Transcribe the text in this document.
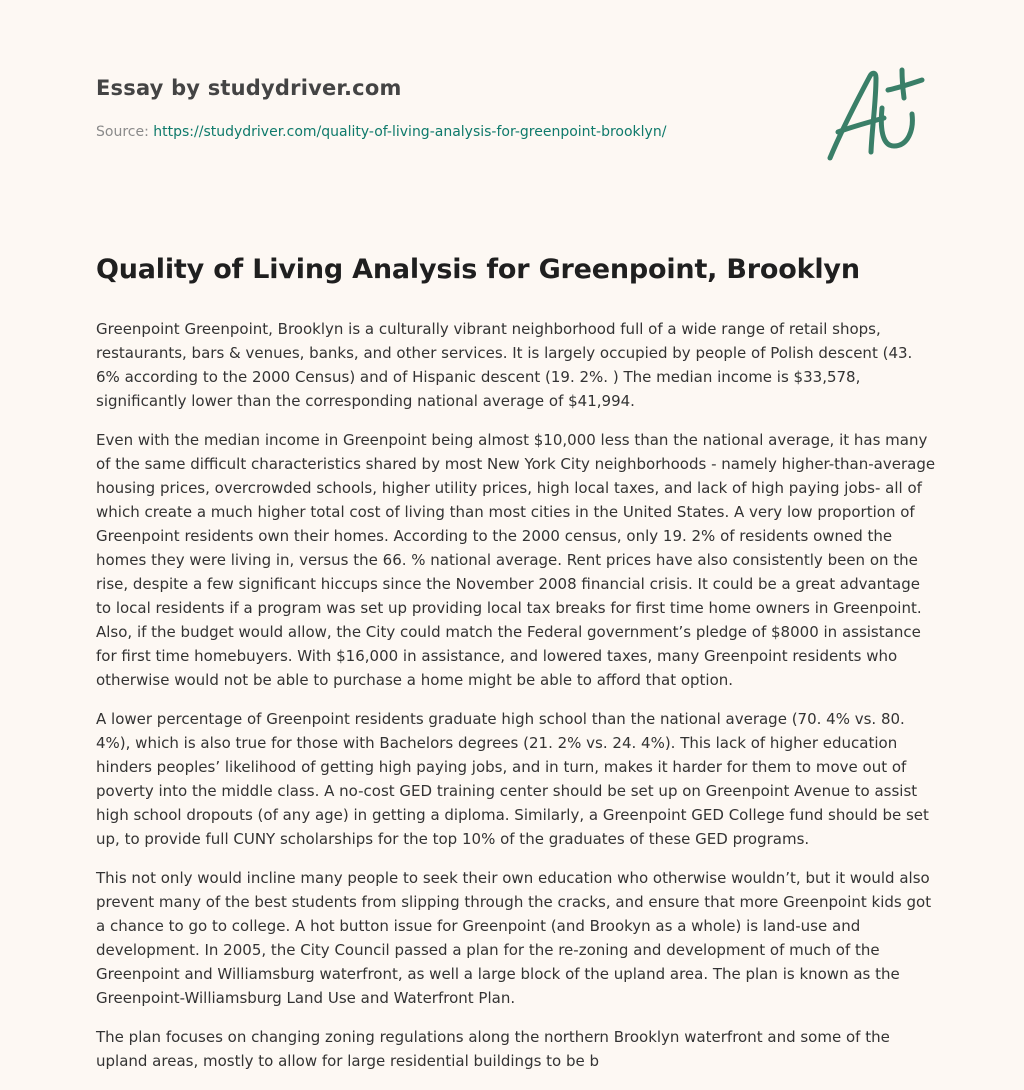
Essay by studydriver.com
Source: https://studydriver.com/quality-of-living-analysis-for-greenpoint-brooklyn/
Quality of Living Analysis for Greenpoint, Brooklyn

Greenpoint Greenpoint, Brooklyn is a culturally vibrant neighborhood full of a wide range of retail shops, restaurants, bars & venues, banks, and other services. It is largely occupied by people of Polish descent (43. 6% according to the 2000 Census) and of Hispanic descent (19. 2%. ) The median income is $33,578, significantly lower than the corresponding national average of $41,994.

Even with the median income in Greenpoint being almost $10,000 less than the national average, it has many of the same difficult characteristics shared by most New York City neighborhoods - namely higher-than-average housing prices, overcrowded schools, higher utility prices, high local taxes, and lack of high paying jobs- all of which create a much higher total cost of living than most cities in the United States. A very low proportion of Greenpoint residents own their homes. According to the 2000 census, only 19. 2% of residents owned the homes they were living in, versus the 66. % national average. Rent prices have also consistently been on the rise, despite a few significant hiccups since the November 2008 financial crisis. It could be a great advantage to local residents if a program was set up providing local tax breaks for first time home owners in Greenpoint. Also, if the budget would allow, the City could match the Federal government’s pledge of $8000 in assistance for first time homebuyers. With $16,000 in assistance, and lowered taxes, many Greenpoint residents who otherwise would not be able to purchase a home might be able to afford that option.

A lower percentage of Greenpoint residents graduate high school than the national average (70. 4% vs. 80. 4%), which is also true for those with Bachelors degrees (21. 2% vs. 24. 4%). This lack of higher education hinders peoples’ likelihood of getting high paying jobs, and in turn, makes it harder for them to move out of poverty into the middle class. A no-cost GED training center should be set up on Greenpoint Avenue to assist high school dropouts (of any age) in getting a diploma. Similarly, a Greenpoint GED College fund should be set up, to provide full CUNY scholarships for the top 10% of the graduates of these GED programs.

This not only would incline many people to seek their own education who otherwise wouldn’t, but it would also prevent many of the best students from slipping through the cracks, and ensure that more Greenpoint kids got a chance to go to college. A hot button issue for Greenpoint (and Brookyn as a whole) is land-use and development. In 2005, the City Council passed a plan for the re-zoning and development of much of the Greenpoint and Williamsburg waterfront, as well a large block of the upland area. The plan is known as the Greenpoint-Williamsburg Land Use and Waterfront Plan.

The plan focuses on changing zoning regulations along the northern Brooklyn waterfront and some of the upland areas, mostly to allow for large residential buildings to be b
